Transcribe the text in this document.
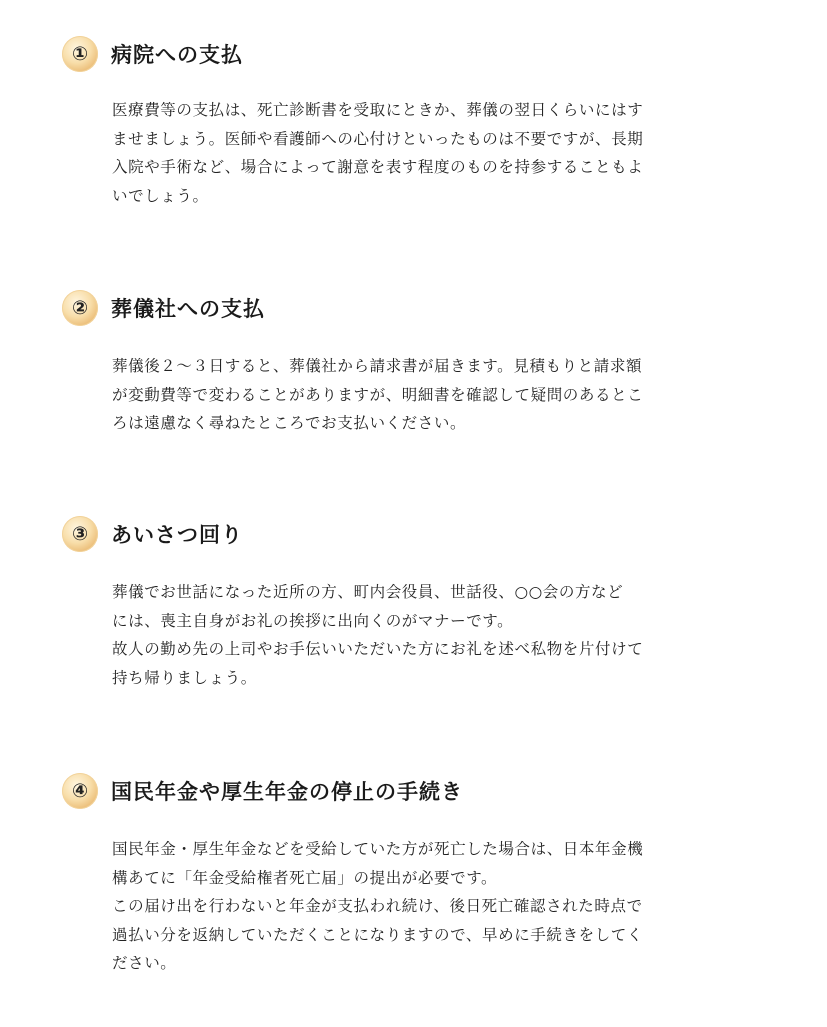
①	病院への支払
医療費等の支払は、死亡診断書を受取にときか、葬儀の翌日くらいにはす
ませましょう。医師や看護師への心付けといったものは不要ですが、長期
入院や手術など、場合によって謝意を表す程度のものを持参することもよ
いでしょう。
②	葬儀社への支払
葬儀後２～３日すると、葬儀社から請求書が届きます。見積もりと請求額
が変動費等で変わることがありますが、明細書を確認して疑問のあるとこ
ろは遠慮なく尋ねたところでお支払いください。
③	あいさつ回り
葬儀でお世話になった近所の方、町内会役員、世話役、○○会の方など
には、喪主自身がお礼の挨拶に出向くのがマナーです。
故人の勤め先の上司やお手伝いいただいた方にお礼を述べ私物を片付けて
持ち帰りましょう。
④	国民年金や厚生年金の停止の手続き
国民年金・厚生年金などを受給していた方が死亡した場合は、日本年金機
構あてに「年金受給権者死亡届」の提出が必要です。
この届け出を行わないと年金が支払われ続け、後日死亡確認された時点で
過払い分を返納していただくことになりますので、早めに手続きをしてく
ださい。
